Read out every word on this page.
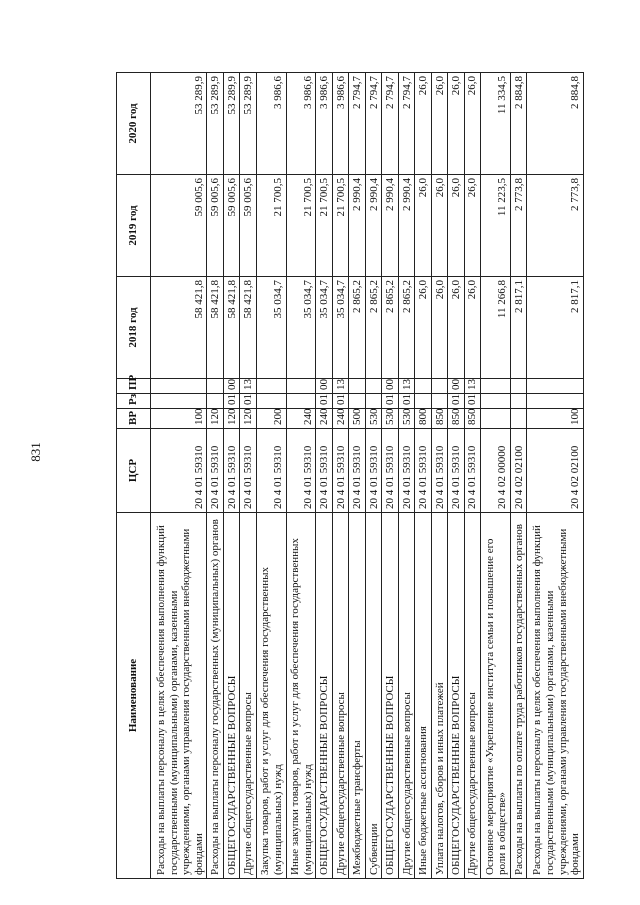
831
Наименование	ЦСР	ВР	Рз	ПР	2018 год	2019 год	2020 год
Расходы на выплаты персоналу в целях обеспечения выполнения функций государственными (муниципальными) органами, казенными учреждениями, органами управления государственными внебюджетными фондами	20 4 01 59310	100			58 421,8	59 005,6	53 289,9
Расходы на выплаты персоналу государственных (муниципальных) органов	20 4 01 59310	120			58 421,8	59 005,6	53 289,9
ОБЩЕГОСУДАРСТВЕННЫЕ ВОПРОСЫ	20 4 01 59310	120	01	00	58 421,8	59 005,6	53 289,9
Другие общегосударственные вопросы	20 4 01 59310	120	01	13	58 421,8	59 005,6	53 289,9
Закупка товаров, работ и услуг для обеспечения государственных (муниципальных) нужд	20 4 01 59310	200			35 034,7	21 700,5	3 986,6
Иные закупки товаров, работ и услуг для обеспечения государственных (муниципальных) нужд	20 4 01 59310	240			35 034,7	21 700,5	3 986,6
ОБЩЕГОСУДАРСТВЕННЫЕ ВОПРОСЫ	20 4 01 59310	240	01	00	35 034,7	21 700,5	3 986,6
Другие общегосударственные вопросы	20 4 01 59310	240	01	13	35 034,7	21 700,5	3 986,6
Межбюджетные трансферты	20 4 01 59310	500			2 865,2	2 990,4	2 794,7
Субвенции	20 4 01 59310	530			2 865,2	2 990,4	2 794,7
ОБЩЕГОСУДАРСТВЕННЫЕ ВОПРОСЫ	20 4 01 59310	530	01	00	2 865,2	2 990,4	2 794,7
Другие общегосударственные вопросы	20 4 01 59310	530	01	13	2 865,2	2 990,4	2 794,7
Иные бюджетные ассигнования	20 4 01 59310	800			26,0	26,0	26,0
Уплата налогов, сборов и иных платежей	20 4 01 59310	850			26,0	26,0	26,0
ОБЩЕГОСУДАРСТВЕННЫЕ ВОПРОСЫ	20 4 01 59310	850	01	00	26,0	26,0	26,0
Другие общегосударственные вопросы	20 4 01 59310	850	01	13	26,0	26,0	26,0
Основное мероприятие «Укрепление института семьи и повышение его роли в обществе»	20 4 02 00000				11 266,8	11 223,5	11 334,5
Расходы на выплаты по оплате труда работников государственных органов	20 4 02 02100				2 817,1	2 773,8	2 884,8
Расходы на выплаты персоналу в целях обеспечения выполнения функций государственными (муниципальными) органами, казенными учреждениями, органами управления государственными внебюджетными фондами	20 4 02 02100	100			2 817,1	2 773,8	2 884,8
